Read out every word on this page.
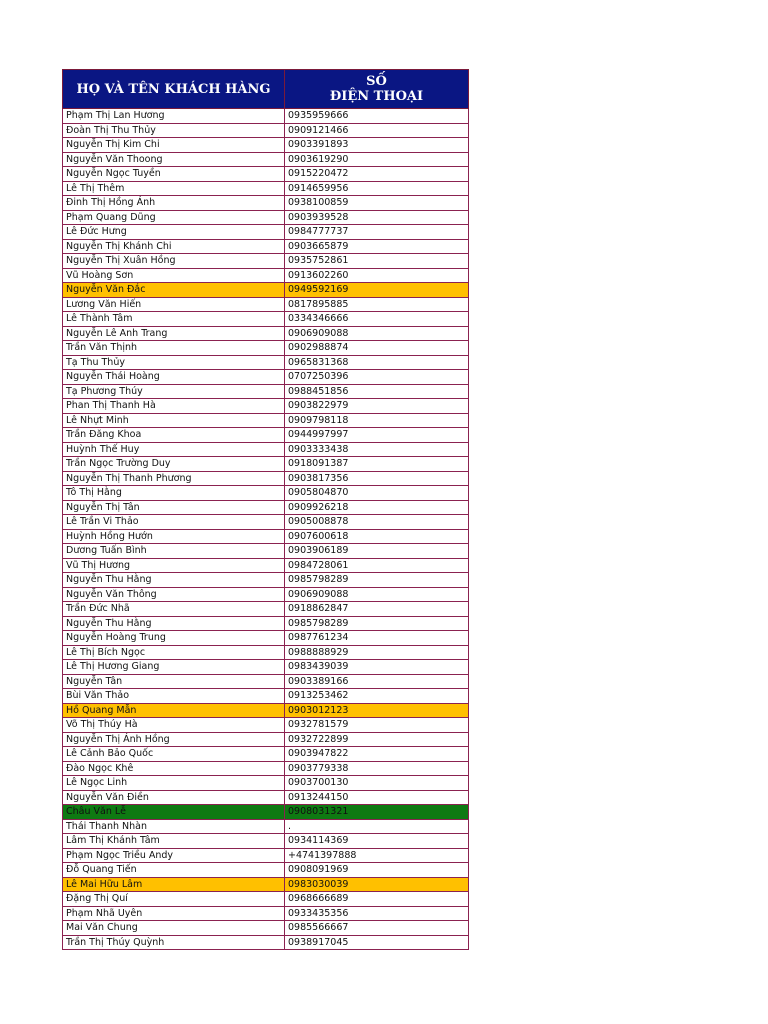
HỌ VÀ TÊN KHÁCH HÀNG	SỐ
ĐIỆN THOẠI

Phạm Thị Lan Hương	0935959666
Đoàn Thị Thu Thủy	0909121466
Nguyễn Thị Kim Chi	0903391893
Nguyễn Văn Thoong	0903619290
Nguyễn Ngọc Tuyền	0915220472
Lê Thị Thêm	0914659956
Đinh Thị Hồng Ánh	0938100859
Phạm Quang Dũng	0903939528
Lê Đức Hưng	0984777737
Nguyễn Thị Khánh Chi	0903665879
Nguyễn Thị Xuân Hồng	0935752861
Vũ Hoàng Sơn	0913602260
Nguyễn Văn Đắc	0949592169
Lương Văn Hiến	0817895885
Lê Thành Tâm	0334346666
Nguyễn Lê Anh Trang	0906909088
Trần Văn Thịnh	0902988874
Tạ Thu Thủy	0965831368
Nguyễn Thái Hoàng	0707250396
Tạ Phương Thúy	0988451856
Phan Thị Thanh Hà	0903822979
Lê Nhựt Minh	0909798118
Trần Đăng Khoa	0944997997
Huỳnh Thế Huy	0903333438
Trần Ngọc Trường Duy	0918091387
Nguyễn Thị Thanh Phương	0903817356
Tô Thị Hằng	0905804870
Nguyễn Thị Tân	0909926218
Lê Trần Vi Thảo	0905008878
Huỳnh Hồng Hướn	0907600618
Dương Tuấn Bình	0903906189
Vũ Thị Hương	0984728061
Nguyễn Thu Hằng	0985798289
Nguyễn Văn Thông	0906909088
Trần Đức Nhã	0918862847
Nguyễn Thu Hằng	0985798289
Nguyễn Hoàng Trung	0987761234
Lê Thị Bích Ngọc	0988888929
Lê Thị Hương Giang	0983439039
Nguyễn Tân	0903389166
Bùi Văn Thảo	0913253462
Hồ Quang Mẫn	0903012123
Võ Thị Thúy Hà	0932781579
Nguyễn Thị Ánh Hồng	0932722899
Lê Cảnh Bảo Quốc	0903947822
Đào Ngọc Khê	0903779338
Lê Ngọc Linh	0903700130
Nguyễn Văn Điền	0913244150
Châu Văn Lễ	0908031321
Thái Thanh Nhàn	.
Lâm Thị Khánh Tâm	0934114369
Phạm Ngọc Triều Andy	+4741397888
Đỗ Quang Tiến	0908091969
Lê Mai Hữu Lâm	0983030039
Đặng Thị Quí	0968666689
Phạm Nhã Uyên	0933435356
Mai Văn Chung	0985566667
Trần Thị Thúy Quỳnh	0938917045
